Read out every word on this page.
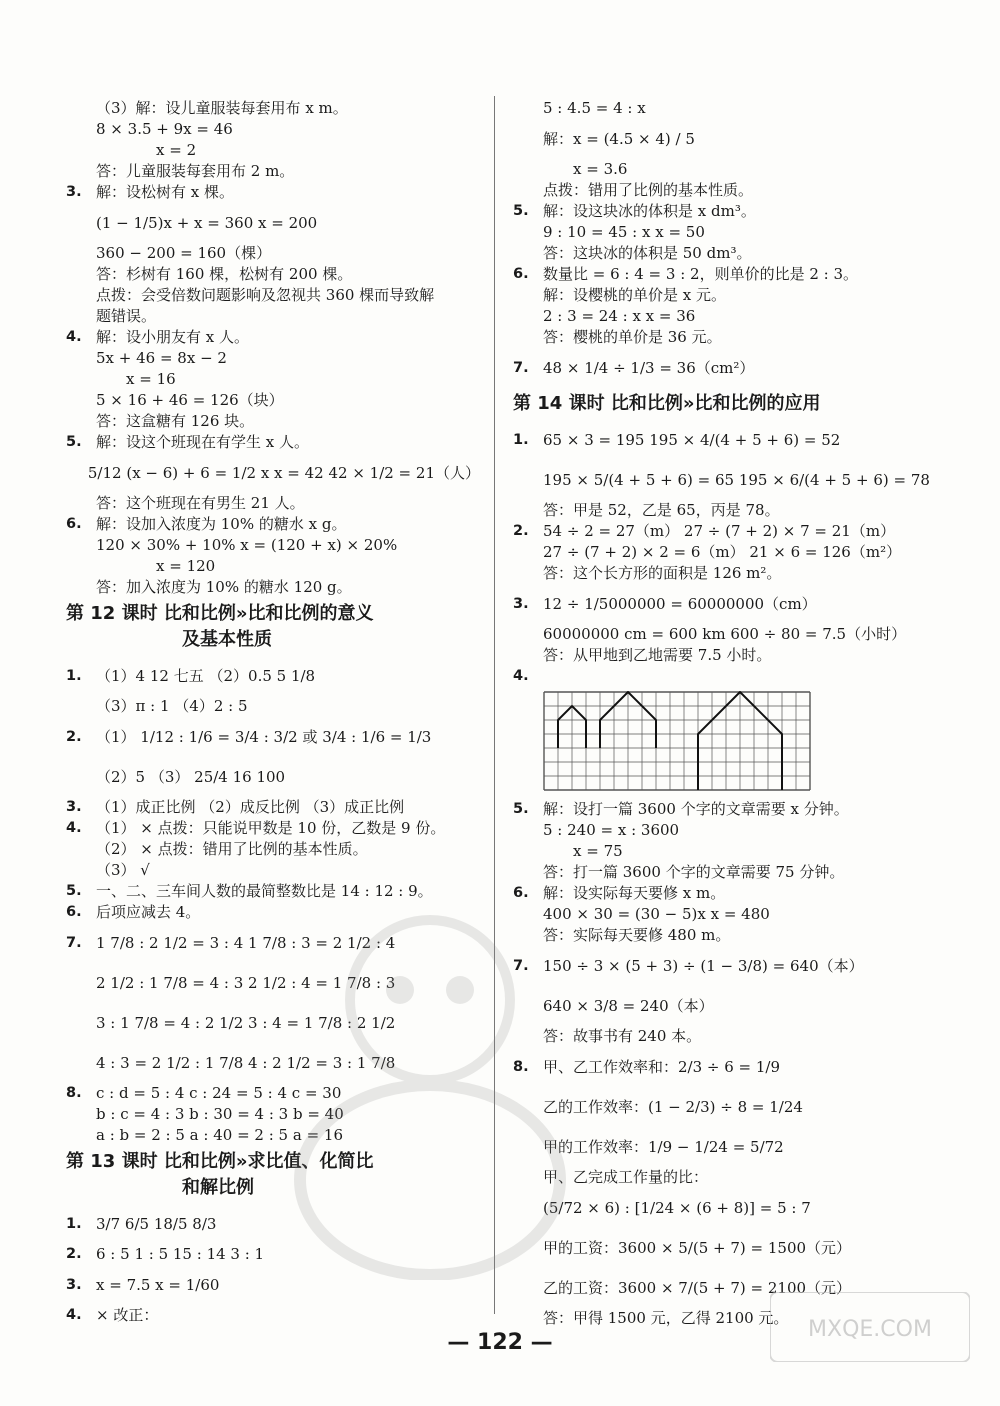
（3）解：设儿童服装每套用布 x m。
8 × 3.5 + 9x = 46
x = 2
答：儿童服装每套用布 2 m。
3. 解：设松树有 x 棵。
(1 − 1/5)x + x = 360 x = 200
360 − 200 = 160（棵）
答：杉树有 160 棵，松树有 200 棵。
点拨：会受倍数问题影响及忽视共 360 棵而导致解
题错误。
4. 解：设小朋友有 x 人。
5x + 46 = 8x − 2
x = 16
5 × 16 + 46 = 126（块）
答：这盒糖有 126 块。
5. 解：设这个班现在有学生 x 人。
5/12 (x − 6) + 6 = 1/2 x x = 42 42 × 1/2 = 21（人）
答：这个班现在有男生 21 人。
6. 解：设加入浓度为 10% 的糖水 x g。
120 × 30% + 10% x = (120 + x) × 20%
x = 120
答：加入浓度为 10% 的糖水 120 g。
第 12 课时 比和比例»比和比例的意义
及基本性质
1. （1）4 12 七五 （2）0.5 5 1/8
（3）π : 1 （4）2 : 5
2. （1） 1/12 : 1/6 = 3/4 : 3/2 或 3/4 : 1/6 = 1/3
（2）5 （3） 25/4 16 100
3. （1）成正比例 （2）成反比例 （3）成正比例
4. （1） × 点拨：只能说甲数是 10 份，乙数是 9 份。
（2） × 点拨：错用了比例的基本性质。
（3） √
5. 一、二、三车间人数的最简整数比是 14 : 12 : 9。
6. 后项应减去 4。
7. 1 7/8 : 2 1/2 = 3 : 4 1 7/8 : 3 = 2 1/2 : 4
2 1/2 : 1 7/8 = 4 : 3 2 1/2 : 4 = 1 7/8 : 3
3 : 1 7/8 = 4 : 2 1/2 3 : 4 = 1 7/8 : 2 1/2
4 : 3 = 2 1/2 : 1 7/8 4 : 2 1/2 = 3 : 1 7/8
8. c : d = 5 : 4 c : 24 = 5 : 4 c = 30
b : c = 4 : 3 b : 30 = 4 : 3 b = 40
a : b = 2 : 5 a : 40 = 2 : 5 a = 16
第 13 课时 比和比例»求比值、化简比
和解比例
1. 3/7 6/5 18/5 8/3
2. 6 : 5 1 : 5 15 : 14 3 : 1
3. x = 7.5 x = 1/60
4. × 改正：
5 : 4.5 = 4 : x
解：x = (4.5 × 4) / 5
x = 3.6
点拨：错用了比例的基本性质。
5. 解：设这块冰的体积是 x dm³。
9 : 10 = 45 : x x = 50
答：这块冰的体积是 50 dm³。
6. 数量比 = 6 : 4 = 3 : 2，则单价的比是 2 : 3。
解：设樱桃的单价是 x 元。
2 : 3 = 24 : x x = 36
答：樱桃的单价是 36 元。
7. 48 × 1/4 ÷ 1/3 = 36（cm²）
第 14 课时 比和比例»比和比例的应用
1. 65 × 3 = 195 195 × 4/(4 + 5 + 6) = 52
195 × 5/(4 + 5 + 6) = 65 195 × 6/(4 + 5 + 6) = 78
答：甲是 52，乙是 65，丙是 78。
2. 54 ÷ 2 = 27（m） 27 ÷ (7 + 2) × 7 = 21（m）
27 ÷ (7 + 2) × 2 = 6（m） 21 × 6 = 126（m²）
答：这个长方形的面积是 126 m²。
3. 12 ÷ 1/5000000 = 60000000（cm）
60000000 cm = 600 km 600 ÷ 80 = 7.5（小时）
答：从甲地到乙地需要 7.5 小时。
4.
5. 解：设打一篇 3600 个字的文章需要 x 分钟。
5 : 240 = x : 3600
x = 75
答：打一篇 3600 个字的文章需要 75 分钟。
6. 解：设实际每天要修 x m。
400 × 30 = (30 − 5)x x = 480
答：实际每天要修 480 m。
7. 150 ÷ 3 × (5 + 3) ÷ (1 − 3/8) = 640（本）
640 × 3/8 = 240（本）
答：故事书有 240 本。
8. 甲、乙工作效率和：2/3 ÷ 6 = 1/9
乙的工作效率：(1 − 2/3) ÷ 8 = 1/24
甲的工作效率：1/9 − 1/24 = 5/72
甲、乙完成工作量的比：
(5/72 × 6) : [1/24 × (6 + 8)] = 5 : 7
甲的工资：3600 × 5/(5 + 7) = 1500（元）
乙的工资：3600 × 7/(5 + 7) = 2100（元）
答：甲得 1500 元，乙得 2100 元。
— 122 —
MXQE.COM
